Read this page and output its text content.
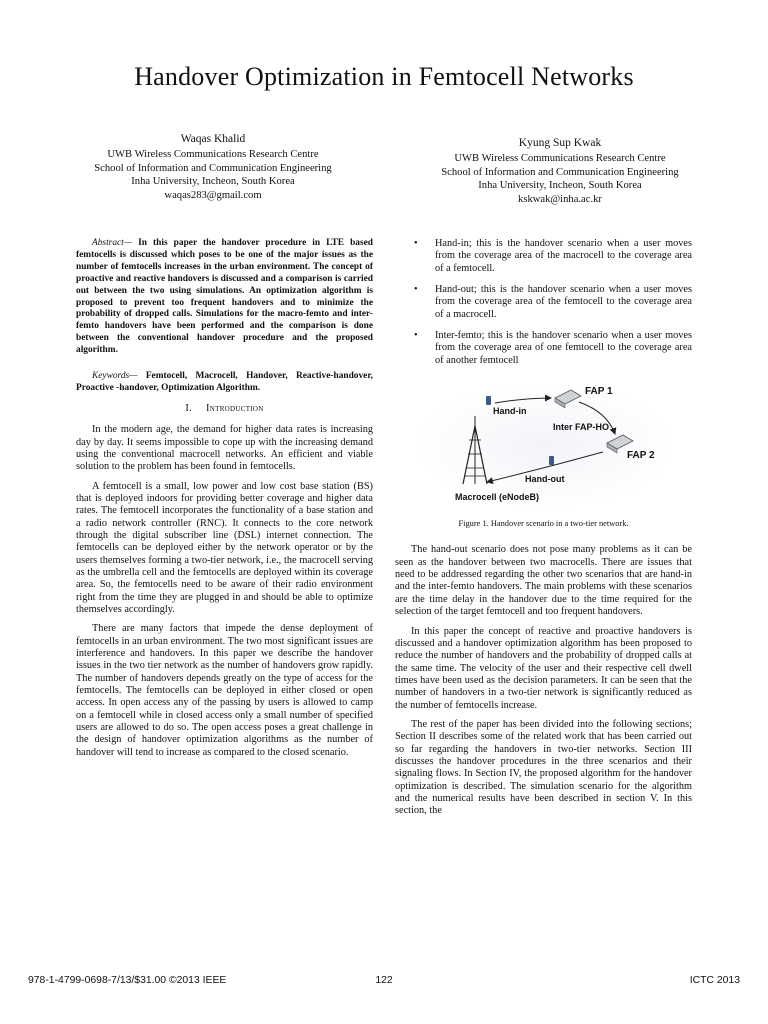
Handover Optimization in Femtocell Networks
Waqas Khalid
UWB Wireless Communications Research Centre
School of Information and Communication Engineering
Inha University, Incheon, South Korea
waqas283@gmail.com
Kyung Sup Kwak
UWB Wireless Communications Research Centre
School of Information and Communication Engineering
Inha University, Incheon, South Korea
kskwak@inha.ac.kr

Abstract— In this paper the handover procedure in LTE based femtocells is discussed which poses to be one of the major issues as the number of femtocells increases in the urban environment. The concept of proactive and reactive handovers is discussed and a comparison is carried out between the two using simulations. An optimization algorithm is proposed to prevent too frequent handovers and to minimize the probability of dropped calls. Simulations for the macro-femto and inter-femto handovers have been performed and the comparison is done between the conventional handover procedure and the proposed algorithm.

Keywords— Femtocell, Macrocell, Handover, Reactive-handover, Proactive -handover, Optimization Algorithm.

I. Introduction

In the modern age, the demand for higher data rates is increasing day by day. It seems impossible to cope up with the increasing demand using the conventional macrocell networks. An efficient and viable solution to the problem has been found in femtocells.

A femtocell is a small, low power and low cost base station (BS) that is deployed indoors for providing better coverage and higher data rates. The femtocell incorporates the functionality of a base station and a radio network controller (RNC). It connects to the core network through the digital subscriber line (DSL) internet connection. The femtocells can be deployed either by the network operator or by the users themselves forming a two-tier network, i.e., the macrocell serving as the umbrella cell and the femtocells are deployed within its coverage area. So, the femtocells need to be aware of their radio environment right from the time they are plugged in and should be able to optimize themselves accordingly.

There are many factors that impede the dense deployment of femtocells in an urban environment. The two most significant issues are interference and handovers. In this paper we describe the handover issues in the two tier network as the number of handovers grow rapidly. The number of handovers depends greatly on the type of access for the femtocells. The femtocells can be deployed in either closed or open access. In open access any of the passing by users is allowed to camp on a femtocell while in closed access only a small number of specified users are allowed to do so. The open access poses a great challenge in the design of handover optimization algorithms as the number of handover will tend to increase as compared to the closed scenario.

• Hand-in; this is the handover scenario when a user moves from the coverage area of the macrocell to the coverage area of a femtocell.
• Hand-out; this is the handover scenario when a user moves from the coverage area of the femtocell to the coverage area of a macrocell.
• Inter-femto; this is the handover scenario when a user moves from the coverage area of one femtocell to the coverage area of another femtocell
FAP 1
FAP 2
Hand-in
Inter FAP-HO
Hand-out
Macrocell (eNodeB)
Figure 1. Handover scenario in a two-tier network.

The hand-out scenario does not pose many problems as it can be seen as the handover between two macrocells. There are issues that need to be addressed regarding the other two scenarios that are hand-in and the inter-femto handovers. The main problems with these scenarios are the time delay in the handover due to the time required for the selection of the target femtocell and too frequent handovers.

In this paper the concept of reactive and proactive handovers is discussed and a handover optimization algorithm has been proposed to reduce the number of handovers and the probability of dropped calls at the same time. The velocity of the user and their respective cell dwell times have been used as the decision parameters. It can be seen that the number of handovers in a two-tier network is significantly reduced as the number of femtocells increase.

The rest of the paper has been divided into the following sections; Section II describes some of the related work that has been carried out so far regarding the handovers in two-tier networks. Section III discusses the handover procedures in the three scenarios and their signaling flows. In Section IV, the proposed algorithm for the handover optimization is described. The simulation scenario for the algorithm and the numerical results have been described in section V. In this section, the

978-1-4799-0698-7/13/$31.00 ©2013 IEEE	122	ICTC 2013
